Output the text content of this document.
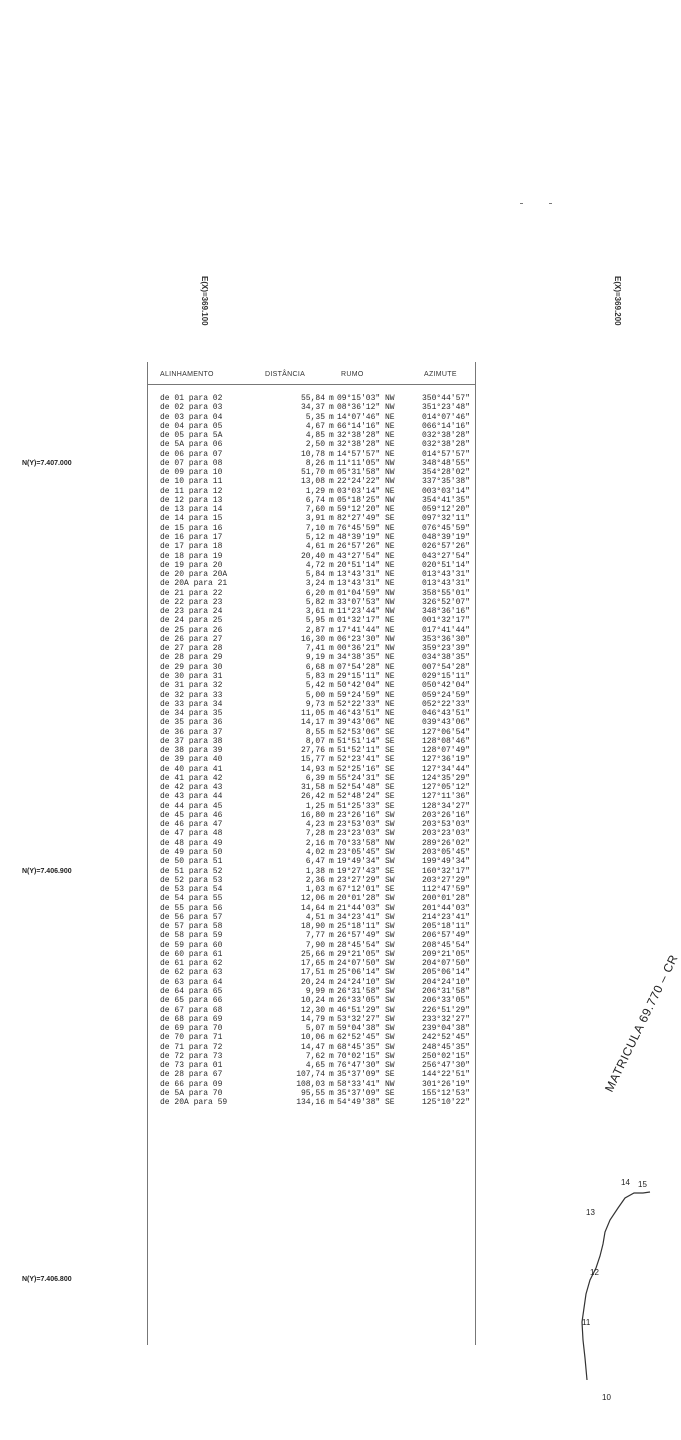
E(X)=369.100	E(X)=369.200
N(Y)=7.407.000
N(Y)=7.406.900
N(Y)=7.406.800
ALINHAMENTO	DISTÂNCIA	RUMO	AZIMUTE
de 01 para 02	55,84 m 09°15'03" NW	350°44'57"
de 02 para 03	34,37 m 08°36'12" NW	351°23'48"
de 03 para 04	5,35 m 14°07'46" NE	014°07'46"
de 04 para 05	4,67 m 66°14'16" NE	066°14'16"
de 05 para 5A	4,85 m 32°38'28" NE	032°38'28"
de 5A para 06	2,50 m 32°38'28" NE	032°38'28"
de 06 para 07	10,78 m 14°57'57" NE	014°57'57"
de 07 para 08	8,26 m 11°11'05" NW	348°48'55"
de 09 para 10	51,70 m 05°31'58" NW	354°28'02"
de 10 para 11	13,08 m 22°24'22" NW	337°35'38"
de 11 para 12	1,29 m 03°03'14" NE	003°03'14"
de 12 para 13	6,74 m 05°18'25" NW	354°41'35"
de 13 para 14	7,60 m 59°12'20" NE	059°12'20"
de 14 para 15	3,91 m 82°27'49" SE	097°32'11"
de 15 para 16	7,10 m 76°45'59" NE	076°45'59"
de 16 para 17	5,12 m 48°39'19" NE	048°39'19"
de 17 para 18	4,61 m 26°57'26" NE	026°57'26"
de 18 para 19	20,40 m 43°27'54" NE	043°27'54"
de 19 para 20	4,72 m 20°51'14" NE	020°51'14"
de 20 para 20A	5,84 m 13°43'31" NE	013°43'31"
de 20A para 21	3,24 m 13°43'31" NE	013°43'31"
de 21 para 22	6,20 m 01°04'59" NW	358°55'01"
de 22 para 23	5,82 m 33°07'53" NW	326°52'07"
de 23 para 24	3,61 m 11°23'44" NW	348°36'16"
de 24 para 25	5,95 m 01°32'17" NE	001°32'17"
de 25 para 26	2,87 m 17°41'44" NE	017°41'44"
de 26 para 27	16,30 m 06°23'30" NW	353°36'30"
de 27 para 28	7,41 m 00°36'21" NW	359°23'39"
de 28 para 29	9,19 m 34°38'35" NE	034°38'35"
de 29 para 30	6,68 m 07°54'28" NE	007°54'28"
de 30 para 31	5,83 m 29°15'11" NE	029°15'11"
de 31 para 32	5,42 m 50°42'04" NE	050°42'04"
de 32 para 33	5,00 m 59°24'59" NE	059°24'59"
de 33 para 34	9,73 m 52°22'33" NE	052°22'33"
de 34 para 35	11,05 m 46°43'51" NE	046°43'51"
de 35 para 36	14,17 m 39°43'06" NE	039°43'06"
de 36 para 37	8,55 m 52°53'06" SE	127°06'54"
de 37 para 38	8,07 m 51°51'14" SE	128°08'46"
de 38 para 39	27,76 m 51°52'11" SE	128°07'49"
de 39 para 40	15,77 m 52°23'41" SE	127°36'19"
de 40 para 41	14,93 m 52°25'16" SE	127°34'44"
de 41 para 42	6,39 m 55°24'31" SE	124°35'29"
de 42 para 43	31,58 m 52°54'48" SE	127°05'12"
de 43 para 44	26,42 m 52°48'24" SE	127°11'36"
de 44 para 45	1,25 m 51°25'33" SE	128°34'27"
de 45 para 46	16,80 m 23°26'16" SW	203°26'16"
de 46 para 47	4,23 m 23°53'03" SW	203°53'03"
de 47 para 48	7,28 m 23°23'03" SW	203°23'03"
de 48 para 49	2,16 m 70°33'58" NW	289°26'02"
de 49 para 50	4,02 m 23°05'45" SW	203°05'45"
de 50 para 51	6,47 m 19°49'34" SW	199°49'34"
de 51 para 52	1,38 m 19°27'43" SE	160°32'17"
de 52 para 53	2,36 m 23°27'29" SW	203°27'29"
de 53 para 54	1,03 m 67°12'01" SE	112°47'59"
de 54 para 55	12,06 m 20°01'28" SW	200°01'28"
de 55 para 56	14,64 m 21°44'03" SW	201°44'03"
de 56 para 57	4,51 m 34°23'41" SW	214°23'41"
de 57 para 58	18,90 m 25°18'11" SW	205°18'11"
de 58 para 59	7,77 m 26°57'49" SW	206°57'49"
de 59 para 60	7,90 m 28°45'54" SW	208°45'54"
de 60 para 61	25,66 m 29°21'05" SW	209°21'05"
de 61 para 62	17,65 m 24°07'50" SW	204°07'50"
de 62 para 63	17,51 m 25°06'14" SW	205°06'14"
de 63 para 64	20,24 m 24°24'10" SW	204°24'10"
de 64 para 65	9,99 m 26°31'58" SW	206°31'58"
de 65 para 66	10,24 m 26°33'05" SW	206°33'05"
de 67 para 68	12,30 m 46°51'29" SW	226°51'29"
de 68 para 69	14,79 m 53°32'27" SW	233°32'27"
de 69 para 70	5,07 m 59°04'38" SW	239°04'38"
de 70 para 71	10,06 m 62°52'45" SW	242°52'45"
de 71 para 72	14,47 m 68°45'35" SW	248°45'35"
de 72 para 73	7,62 m 70°02'15" SW	250°02'15"
de 73 para 01	4,65 m 76°47'30" SW	256°47'30"
de 28 para 67	107,74 m 35°37'09" SE	144°22'51"
de 66 para 09	108,03 m 58°33'41" NW	301°26'19"
de 5A para 70	95,55 m 35°37'09" SE	155°12'53"
de 20A para 59	134,16 m 54°49'38" SE	125°10'22"
MATRICULA 69.770 – CR
14 15
13
12
11
10
